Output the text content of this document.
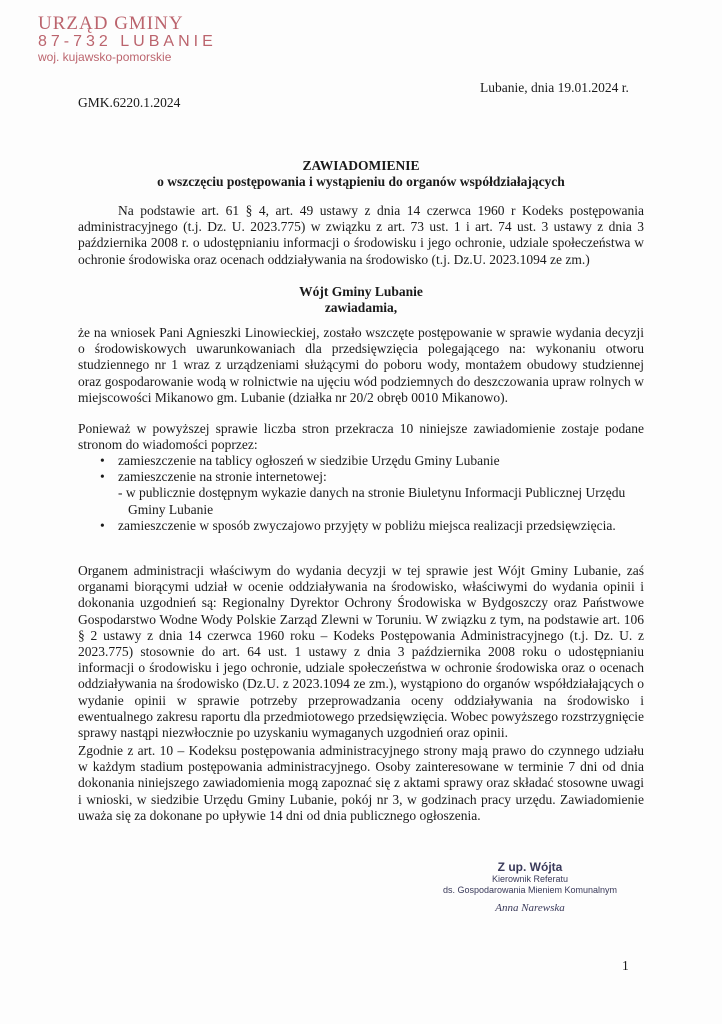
URZĄD GMINY
87-732 LUBANIE
woj. kujawsko-pomorskie
Lubanie, dnia 19.01.2024 r.
GMK.6220.1.2024
ZAWIADOMIENIE
o wszczęciu postępowania i wystąpieniu do organów współdziałających
Na podstawie art. 61 § 4, art. 49 ustawy z dnia 14 czerwca 1960 r Kodeks postępowania administracyjnego (t.j. Dz. U. 2023.775) w związku z art. 73 ust. 1 i art. 74 ust. 3 ustawy z dnia 3 października 2008 r. o udostępnianiu informacji o środowisku i jego ochronie, udziale społeczeństwa w ochronie środowiska oraz ocenach oddziaływania na środowisko (t.j. Dz.U. 2023.1094 ze zm.)
Wójt Gminy Lubanie
zawiadamia,
że na wniosek Pani Agnieszki Linowieckiej, zostało wszczęte postępowanie w sprawie wydania decyzji o środowiskowych uwarunkowaniach dla przedsięwzięcia polegającego na: wykonaniu otworu studziennego nr 1 wraz z urządzeniami służącymi do poboru wody, montażem obudowy studziennej oraz gospodarowanie wodą w rolnictwie na ujęciu wód podziemnych do deszczowania upraw rolnych w miejscowości Mikanowo gm. Lubanie (działka nr 20/2 obręb 0010 Mikanowo).
Ponieważ w powyższej sprawie liczba stron przekracza 10 niniejsze zawiadomienie zostaje podane stronom do wiadomości poprzez:
• zamieszczenie na tablicy ogłoszeń w siedzibie Urzędu Gminy Lubanie
• zamieszczenie na stronie internetowej:
- w publicznie dostępnym wykazie danych na stronie Biuletynu Informacji Publicznej Urzędu Gminy Lubanie
• zamieszczenie w sposób zwyczajowo przyjęty w pobliżu miejsca realizacji przedsięwzięcia.
Organem administracji właściwym do wydania decyzji w tej sprawie jest Wójt Gminy Lubanie, zaś organami biorącymi udział w ocenie oddziaływania na środowisko, właściwymi do wydania opinii i dokonania uzgodnień są: Regionalny Dyrektor Ochrony Środowiska w Bydgoszczy oraz Państwowe Gospodarstwo Wodne Wody Polskie Zarząd Zlewni w Toruniu. W związku z tym, na podstawie art. 106 § 2 ustawy z dnia 14 czerwca 1960 roku – Kodeks Postępowania Administracyjnego (t.j. Dz. U. z 2023.775) stosownie do art. 64 ust. 1 ustawy z dnia 3 października 2008 roku o udostępnianiu informacji o środowisku i jego ochronie, udziale społeczeństwa w ochronie środowiska oraz o ocenach oddziaływania na środowisko (Dz.U. z 2023.1094 ze zm.), wystąpiono do organów współdziałających o wydanie opinii w sprawie potrzeby przeprowadzania oceny oddziaływania na środowisko i ewentualnego zakresu raportu dla przedmiotowego przedsięwzięcia. Wobec powyższego rozstrzygnięcie sprawy nastąpi niezwłocznie po uzyskaniu wymaganych uzgodnień oraz opinii.
Zgodnie z art. 10 – Kodeksu postępowania administracyjnego strony mają prawo do czynnego udziału w każdym stadium postępowania administracyjnego. Osoby zainteresowane w terminie 7 dni od dnia dokonania niniejszego zawiadomienia mogą zapoznać się z aktami sprawy oraz składać stosowne uwagi i wnioski, w siedzibie Urzędu Gminy Lubanie, pokój nr 3, w godzinach pracy urzędu. Zawiadomienie uważa się za dokonane po upływie 14 dni od dnia publicznego ogłoszenia.
Z up. Wójta
Kierownik Referatu
ds. Gospodarowania Mieniem Komunalnym
Anna Narewska
1
